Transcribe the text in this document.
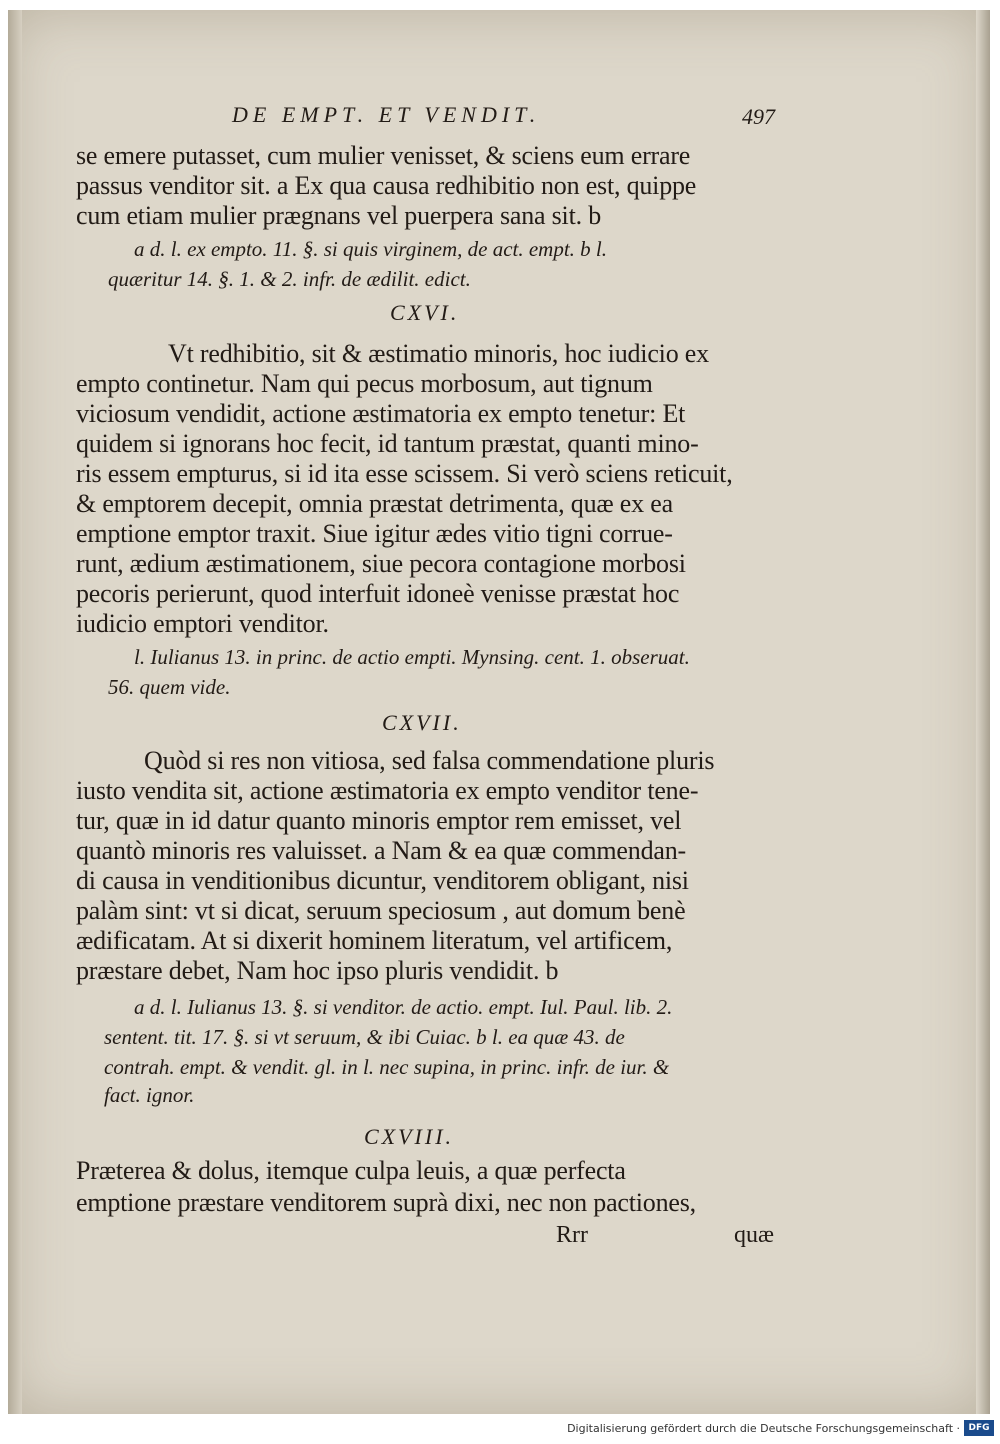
DE EMPT. ET VENDIT.	497
se emere putasset, cum mulier venisset, & sciens eum errare
passus venditor sit. a Ex qua causa redhibitio non est, quippe
cum etiam mulier prægnans vel puerpera sana sit. b
a d. l. ex empto. 11. §. si quis virginem, de act. empt. b l.
quæritur 14. §. 1. & 2. infr. de ædilit. edict.
CXVI.
Vt redhibitio, sit & æstimatio minoris, hoc iudicio ex
empto continetur. Nam qui pecus morbosum, aut tignum
viciosum vendidit, actione æstimatoria ex empto tenetur: Et
quidem si ignorans hoc fecit, id tantum præstat, quanti mino-
ris essem empturus, si id ita esse scissem. Si verò sciens reticuit,
& emptorem decepit, omnia præstat detrimenta, quæ ex ea
emptione emptor traxit. Siue igitur ædes vitio tigni corrue-
runt, ædium æstimationem, siue pecora contagione morbosi
pecoris perierunt, quod interfuit idoneè venisse præstat hoc
iudicio emptori venditor.
l. Iulianus 13. in princ. de actio empti. Mynsing. cent. 1. obseruat.
56. quem vide.
CXVII.
Quòd si res non vitiosa, sed falsa commendatione pluris
iusto vendita sit, actione æstimatoria ex empto venditor tene-
tur, quæ in id datur quanto minoris emptor rem emisset, vel
quantò minoris res valuisset. a Nam & ea quæ commendan-
di causa in venditionibus dicuntur, venditorem obligant, nisi
palàm sint: vt si dicat, seruum speciosum , aut domum benè
ædificatam. At si dixerit hominem literatum, vel artificem,
præstare debet, Nam hoc ipso pluris vendidit. b
a d. l. Iulianus 13. §. si venditor. de actio. empt. Iul. Paul. lib. 2.
sentent. tit. 17. §. si vt seruum, & ibi Cuiac. b l. ea quæ 43. de
contrah. empt. & vendit. gl. in l. nec supina, in princ. infr. de iur. &
fact. ignor.
CXVIII.
Præterea & dolus, itemque culpa leuis, a quæ perfecta
emptione præstare venditorem suprà dixi, nec non pactiones,
Rrr	quæ
Digitalisierung gefördert durch die Deutsche Forschungsgemeinschaft · DFG
